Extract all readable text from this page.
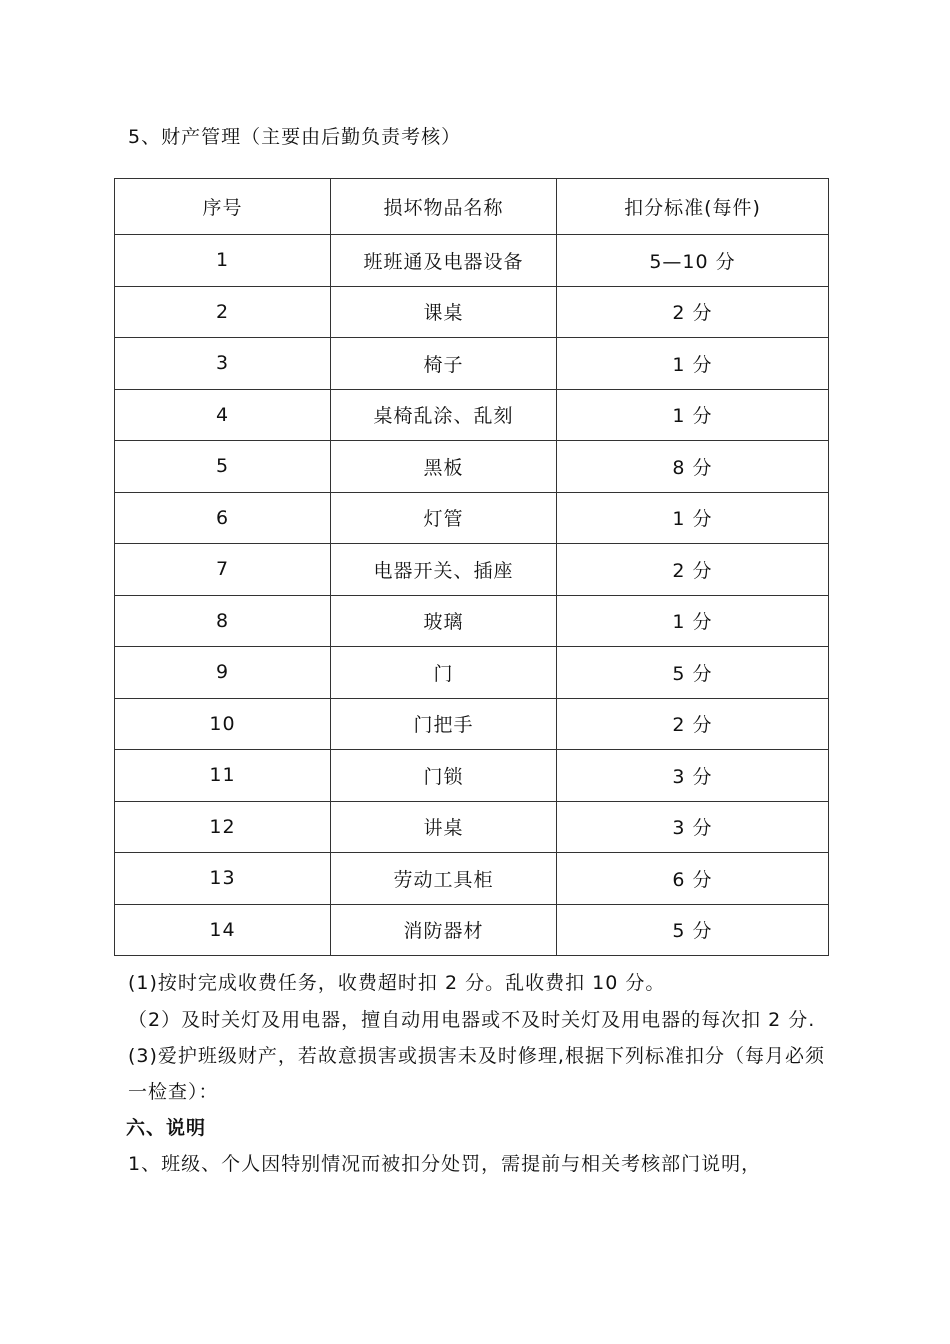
5、财产管理（主要由后勤负责考核）
序号	损坏物品名称	扣分标准(每件)
1	班班通及电器设备	5—10 分
2	课桌	2 分
3	椅子	1 分
4	桌椅乱涂、乱刻	1 分
5	黑板	8 分
6	灯管	1 分
7	电器开关、插座	2 分
8	玻璃	1 分
9	门	5 分
10	门把手	2 分
11	门锁	3 分
12	讲桌	3 分
13	劳动工具柜	6 分
14	消防器材	5 分

(1)按时完成收费任务，收费超时扣 2 分。乱收费扣 10 分。

（2）及时关灯及用电器，擅自动用电器或不及时关灯及用电器的每次扣 2 分.

(3)爱护班级财产，若故意损害或损害未及时修理,根据下列标准扣分（每月必须一检查）：

六、说明

1、班级、个人因特别情况而被扣分处罚，需提前与相关考核部门说明，
